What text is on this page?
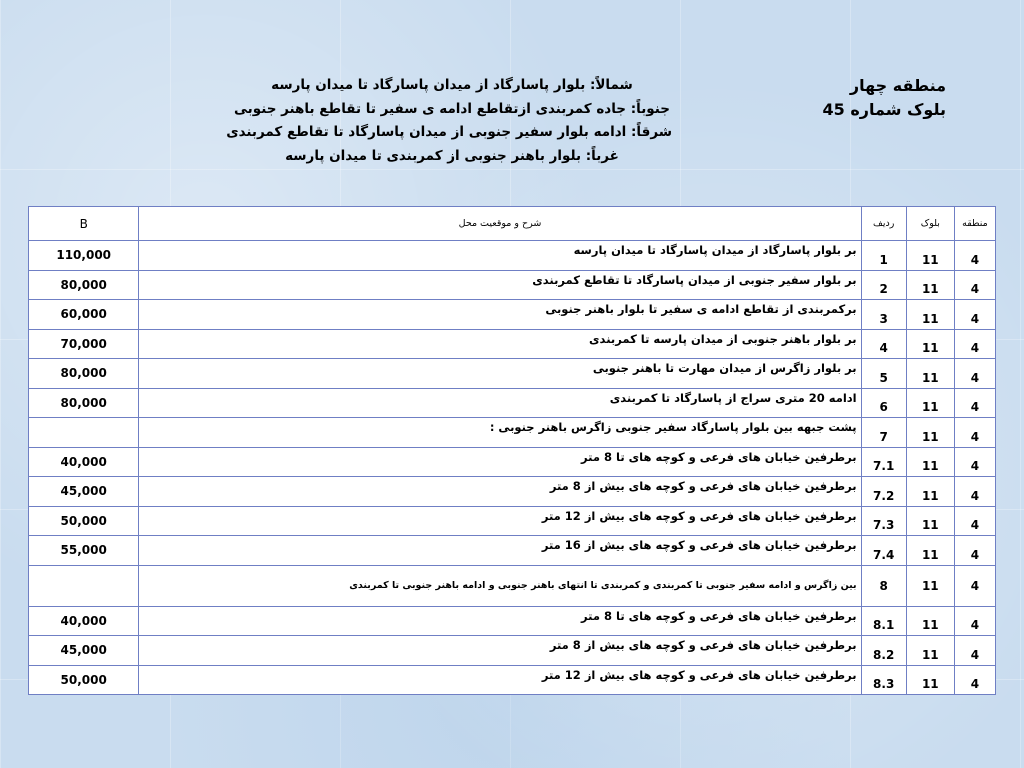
منطقه چهار
بلوک شماره 45
شمالاً: بلوار پاسارگاد از میدان پاسارگاد تا میدان پارسه
جنوباً: جاده کمربندی ازتقاطع ادامه ی سفیر تا تقاطع باهنر جنوبی
شرقاً: ادامه بلوار سفیر جنوبی از میدان پاسارگاد تا تقاطع کمربندی
غرباً: بلوار باهنر جنوبی از کمربندی تا میدان پارسه
منطقه	بلوک	ردیف	شرح و موقعیت محل	B
4	11	1	بر بلوار پاسارگاد از میدان پاسارگاد تا میدان پارسه	110,000
4	11	2	بر بلوار سفیر جنوبی از میدان پاسارگاد تا تقاطع کمربندی	80,000
4	11	3	برکمربندی از تقاطع ادامه ی سفیر تا بلوار باهنر جنوبی	60,000
4	11	4	بر بلوار باهنر جنوبی از میدان پارسه تا کمربندی	70,000
4	11	5	بر بلوار زاگرس از میدان مهارت تا باهنر جنوبی	80,000
4	11	6	ادامه 20 متری سراج از پاسارگاد تا کمربندی	80,000
4	11	7	پشت جبهه بین بلوار پاسارگاد سفیر جنوبی زاگرس باهنر جنوبی :	
4	11	7.1	برطرفین خیابان های فرعی و کوچه های تا 8 متر	40,000
4	11	7.2	برطرفین خیابان های فرعی و کوچه های بیش از 8 متر	45,000
4	11	7.3	برطرفین خیابان های فرعی و کوچه های بیش از 12 متر	50,000
4	11	7.4	برطرفین خیابان های فرعی و کوچه های بیش از 16 متر	55,000
4	11	8	بین زاگرس و ادامه سفیر جنوبی تا کمربندی و کمربندی تا انتهای باهنر جنوبی و ادامه باهنر جنوبی تا کمربندی	
4	11	8.1	برطرفین خیابان های فرعی و کوچه های تا 8 متر	40,000
4	11	8.2	برطرفین خیابان های فرعی و کوچه های بیش از 8 متر	45,000
4	11	8.3	برطرفین خیابان های فرعی و کوچه های بیش از 12 متر	50,000
